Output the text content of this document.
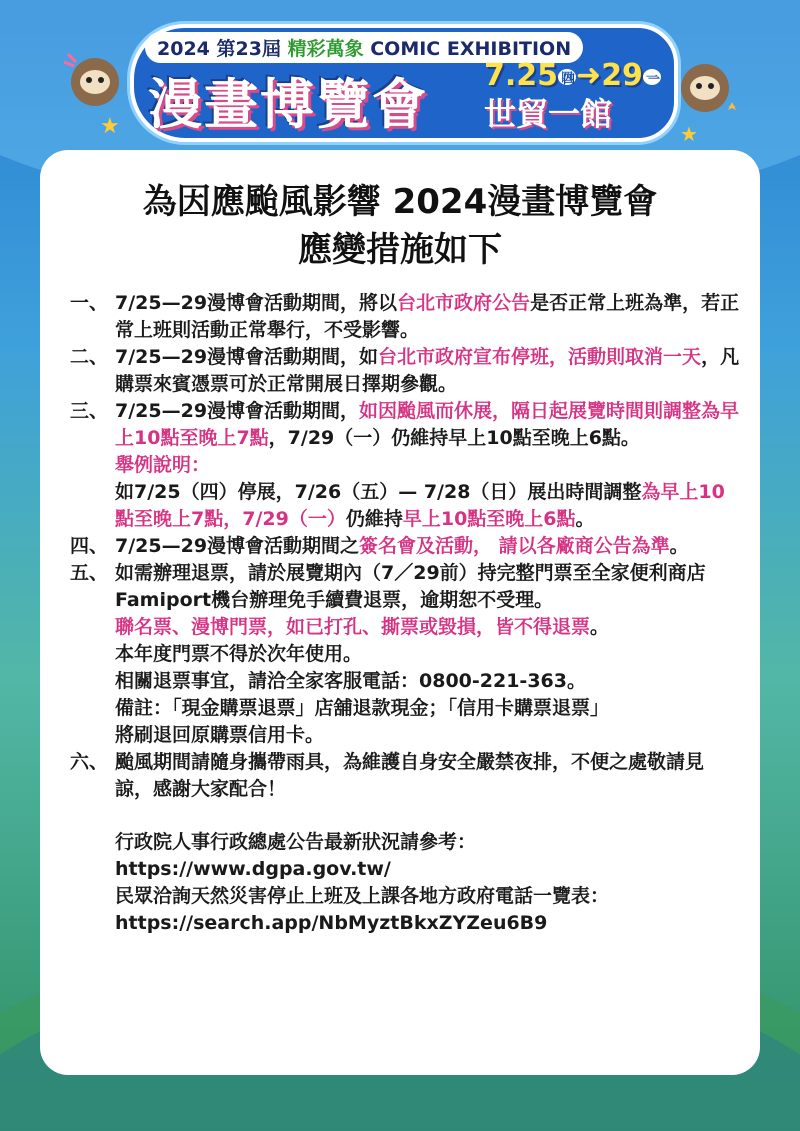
2024 第23屆 精彩萬象 COMIC EXHIBITION
漫畫博覽會 7.25 四 ➜29 一
世貿一館
★	★
為因應颱風影響 2024漫畫博覽會
應變措施如下
一、 7/25—29漫博會活動期間，將以台北市政府公告是否正常上班為準，若正常上班則活動正常舉行，不受影響。
二、 7/25—29漫博會活動期間，如台北市政府宣布停班，活動則取消一天，凡購票來賓憑票可於正常開展日擇期參觀。
三、 7/25—29漫博會活動期間，如因颱風而休展，隔日起展覽時間則調整為早上10點至晚上7點，7/29（一）仍維持早上10點至晚上6點。
舉例說明：
如7/25（四）停展，7/26（五）— 7/28（日）展出時間調整為早上10點至晚上7點，7/29（一）仍維持早上10點至晚上6點。
四、 7/25—29漫博會活動期間之簽名會及活動， 請以各廠商公告為準。
五、 如需辦理退票，請於展覽期內（7／29前）持完整門票至全家便利商店Famiport機台辦理免手續費退票，逾期恕不受理。
聯名票、漫博門票，如已打孔、撕票或毀損，皆不得退票。
本年度門票不得於次年使用。
相關退票事宜，請洽全家客服電話：0800-221-363。
備註：「現金購票退票」店舖退款現金；「信用卡購票退票」
將刷退回原購票信用卡。
六、 颱風期間請隨身攜帶雨具，為維護自身安全嚴禁夜排，不便之處敬請見諒，感謝大家配合！
行政院人事行政總處公告最新狀況請參考：
https://www.dgpa.gov.tw/
民眾洽詢天然災害停止上班及上課各地方政府電話一覽表：
https://search.app/NbMyztBkxZYZeu6B9
